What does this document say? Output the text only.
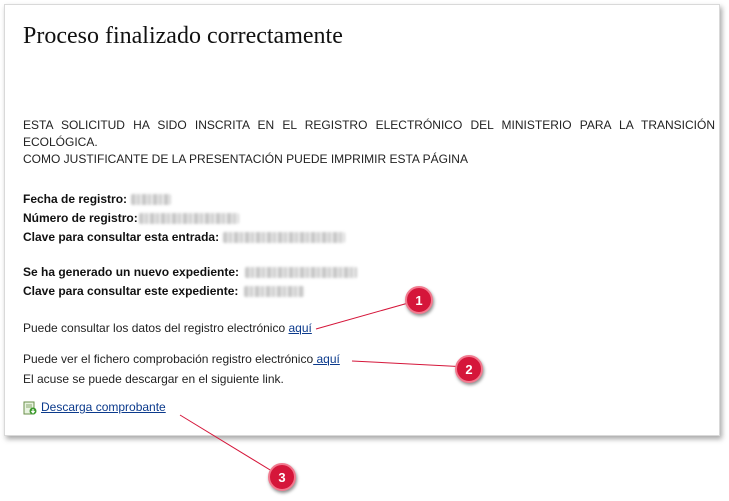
Proceso finalizado correctamente
ESTA SOLICITUD HA SIDO INSCRITA EN EL REGISTRO ELECTRÓNICO DEL MINISTERIO PARA LA TRANSICIÓN ECOLÓGICA.
COMO JUSTIFICANTE DE LA PRESENTACIÓN PUEDE IMPRIMIR ESTA PÁGINA
Fecha de registro:
Número de registro:
Clave para consultar esta entrada:
Se ha generado un nuevo expediente:
Clave para consultar este expediente:
Puede consultar los datos del registro electrónico aquí
Puede ver el fichero comprobación registro electrónico aquí
El acuse se puede descargar en el siguiente link.
Descarga comprobante
1
2
3
